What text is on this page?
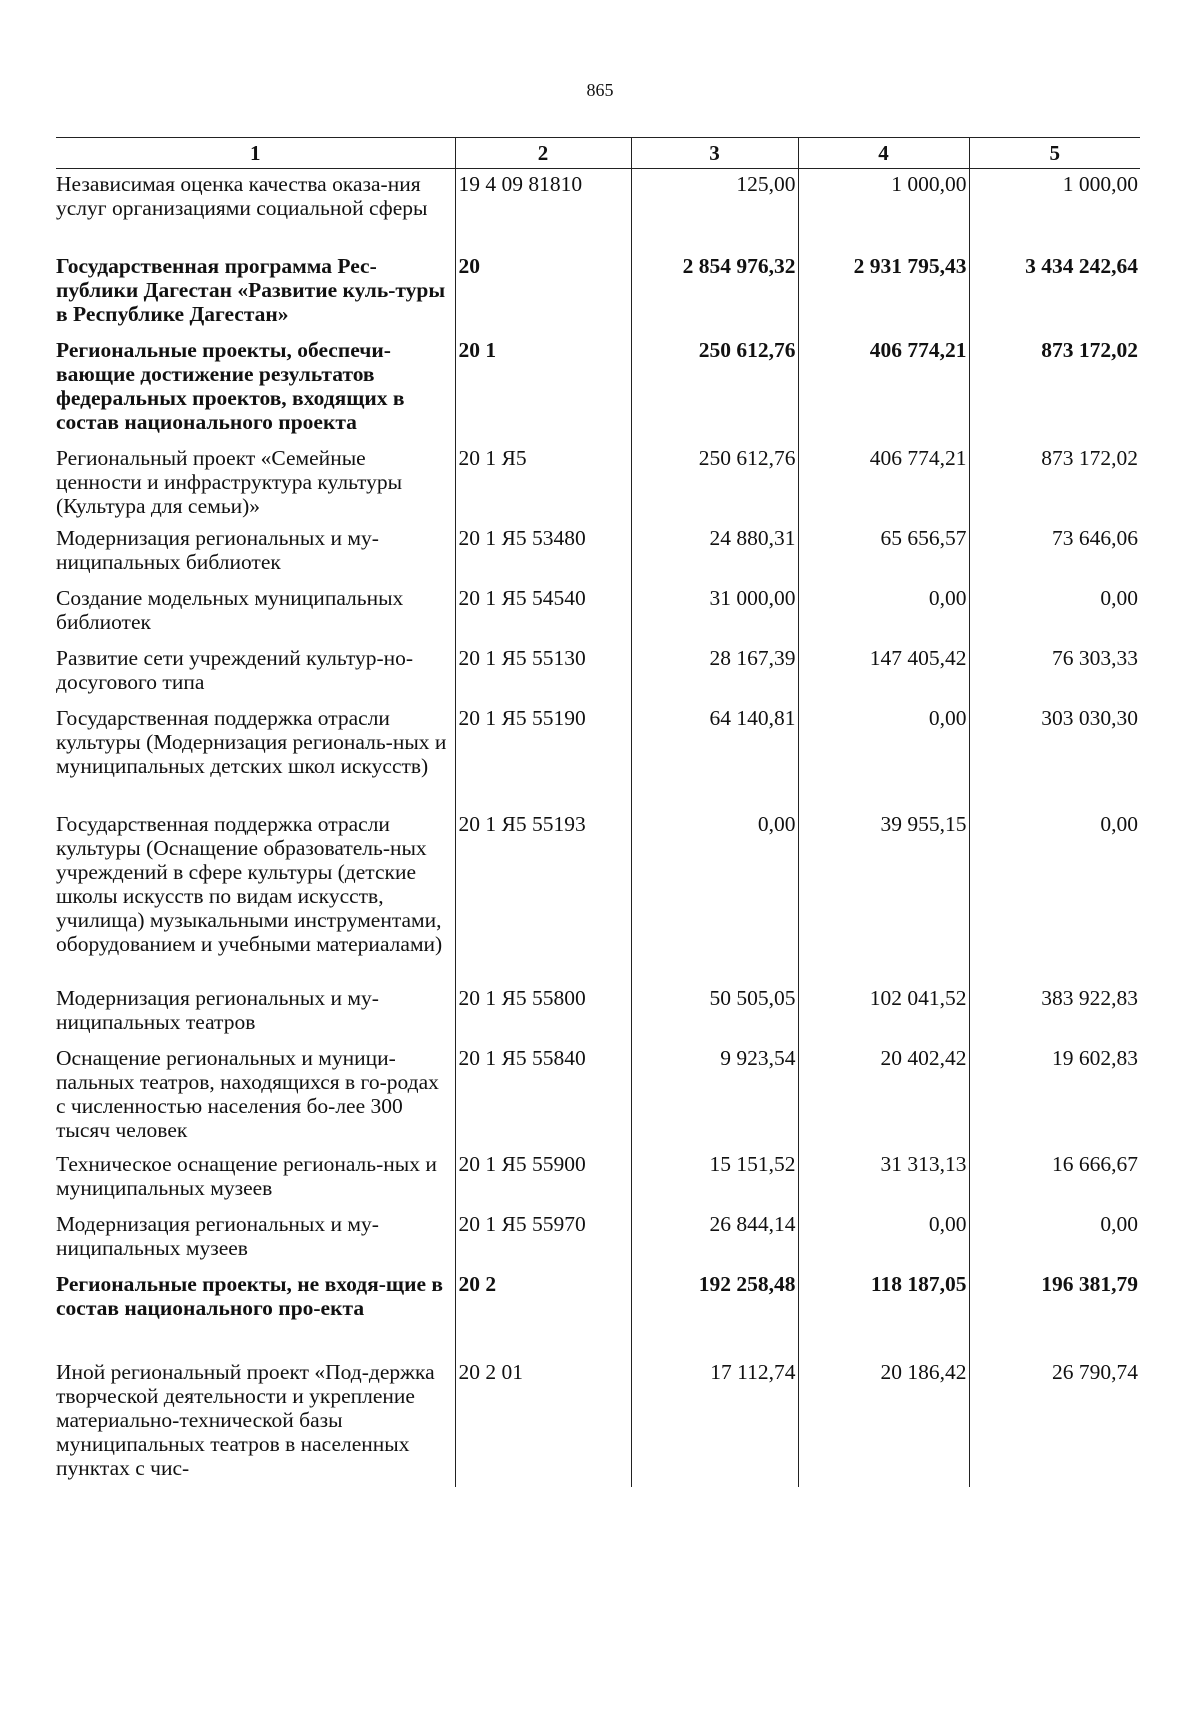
865
1	2	3	4	5
Независимая оценка качества оказа-ния услуг организациями социальной сферы	19 4 09 81810	125,00	1 000,00	1 000,00
Государственная программа Рес-публики Дагестан «Развитие куль-туры в Республике Дагестан»	20	2 854 976,32	2 931 795,43	3 434 242,64
Региональные проекты, обеспечи-вающие достижение результатов федеральных проектов, входящих в состав национального проекта	20 1	250 612,76	406 774,21	873 172,02
Региональный проект «Семейные ценности и инфраструктура культуры (Культура для семьи)»	20 1 Я5	250 612,76	406 774,21	873 172,02
Модернизация региональных и му-ниципальных библиотек	20 1 Я5 53480	24 880,31	65 656,57	73 646,06
Создание модельных муниципальных библиотек	20 1 Я5 54540	31 000,00	0,00	0,00
Развитие сети учреждений культур-но-досугового типа	20 1 Я5 55130	28 167,39	147 405,42	76 303,33
Государственная поддержка отрасли культуры (Модернизация региональ-ных и муниципальных детских школ искусств)	20 1 Я5 55190	64 140,81	0,00	303 030,30
Государственная поддержка отрасли культуры (Оснащение образователь-ных учреждений в сфере культуры (детские школы искусств по видам искусств, училища) музыкальными инструментами, оборудованием и учебными материалами)	20 1 Я5 55193	0,00	39 955,15	0,00
Модернизация региональных и му-ниципальных театров	20 1 Я5 55800	50 505,05	102 041,52	383 922,83
Оснащение региональных и муници-пальных театров, находящихся в го-родах с численностью населения бо-лее 300 тысяч человек	20 1 Я5 55840	9 923,54	20 402,42	19 602,83
Техническое оснащение региональ-ных и муниципальных музеев	20 1 Я5 55900	15 151,52	31 313,13	16 666,67
Модернизация региональных и му-ниципальных музеев	20 1 Я5 55970	26 844,14	0,00	0,00
Региональные проекты, не входя-щие в состав национального про-екта	20 2	192 258,48	118 187,05	196 381,79
Иной региональный проект «Под-держка творческой деятельности и укрепление материально-технической базы муниципальных театров в населенных пунктах с чис-	20 2 01	17 112,74	20 186,42	26 790,74
